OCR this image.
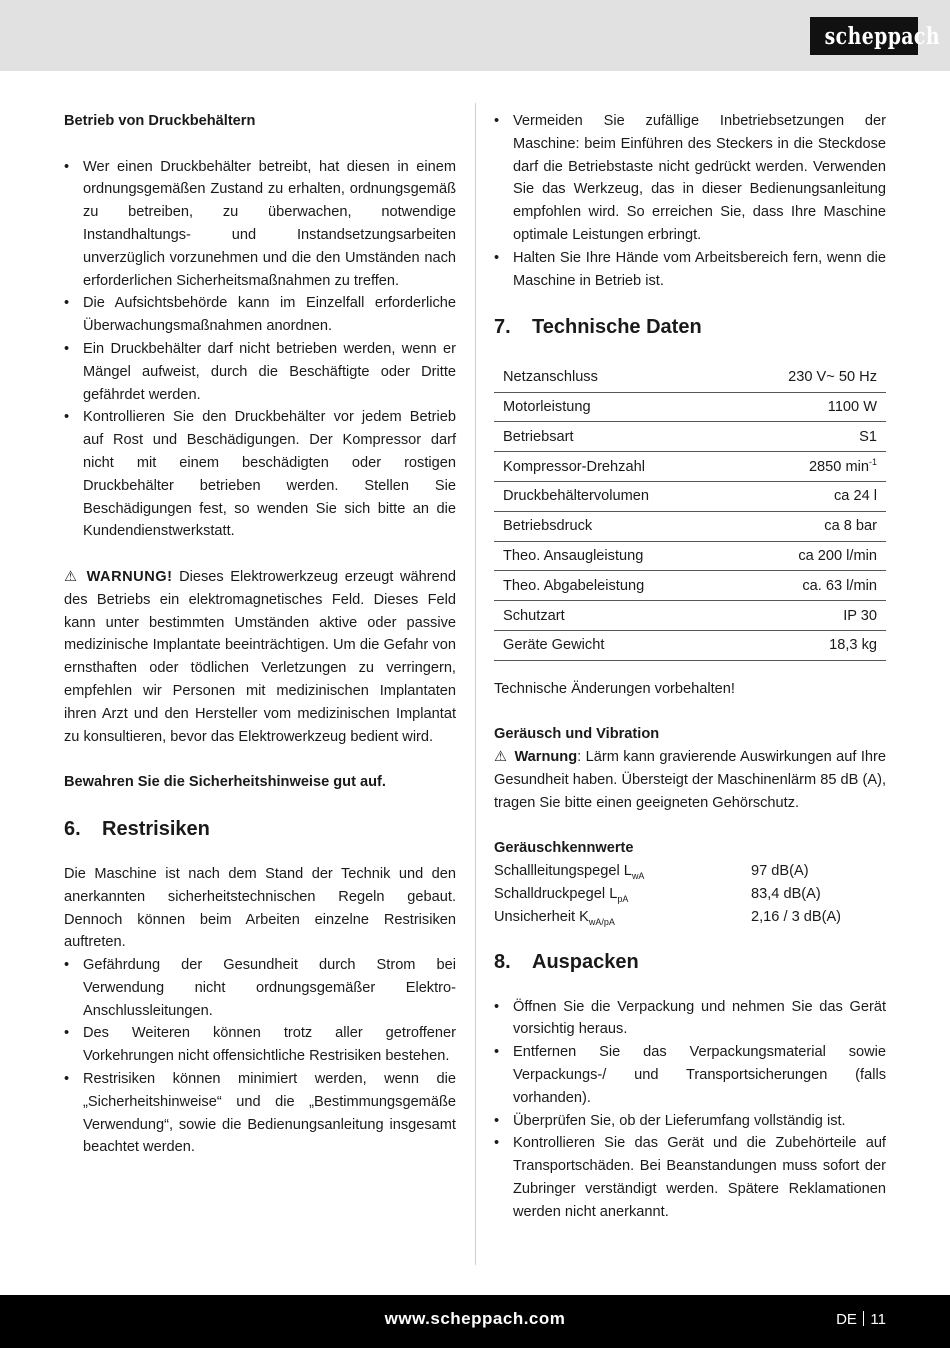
scheppach

Betrieb von Druckbehältern

• Wer einen Druckbehälter betreibt, hat diesen in einem ordnungsgemäßen Zustand zu erhalten, ordnungsgemäß zu betreiben, zu überwachen, notwendige Instandhaltungs- und Instandsetzungsarbeiten unverzüglich vorzunehmen und die den Umständen nach erforderlichen Sicherheitsmaßnahmen zu treffen.
• Die Aufsichtsbehörde kann im Einzelfall erforderliche Überwachungsmaßnahmen anordnen.
• Ein Druckbehälter darf nicht betrieben werden, wenn er Mängel aufweist, durch die Beschäftigte oder Dritte gefährdet werden.
• Kontrollieren Sie den Druckbehälter vor jedem Betrieb auf Rost und Beschädigungen. Der Kompressor darf nicht mit einem beschädigten oder rostigen Druckbehälter betrieben werden. Stellen Sie Beschädigungen fest, so wenden Sie sich bitte an die Kundendienstwerkstatt.

⚠ WARNUNG! Dieses Elektrowerkzeug erzeugt während des Betriebs ein elektromagnetisches Feld. Dieses Feld kann unter bestimmten Umständen aktive oder passive medizinische Implantate beeinträchtigen. Um die Gefahr von ernsthaften oder tödlichen Verletzungen zu verringern, empfehlen wir Personen mit medizinischen Implantaten ihren Arzt und den Hersteller vom medizinischen Implantat zu konsultieren, bevor das Elektrowerkzeug bedient wird.

Bewahren Sie die Sicherheitshinweise gut auf.

6.	Restrisiken

Die Maschine ist nach dem Stand der Technik und den anerkannten sicherheitstechnischen Regeln gebaut. Dennoch können beim Arbeiten einzelne Restrisiken auftreten.

• Gefährdung der Gesundheit durch Strom bei Verwendung nicht ordnungsgemäßer Elektro-Anschlussleitungen.
• Des Weiteren können trotz aller getroffener Vorkehrungen nicht offensichtliche Restrisiken bestehen.
• Restrisiken können minimiert werden, wenn die „Sicherheitshinweise“ und die „Bestimmungsgemäße Verwendung“, sowie die Bedienungsanleitung insgesamt beachtet werden.
• Vermeiden Sie zufällige Inbetriebsetzungen der Maschine: beim Einführen des Steckers in die Steckdose darf die Betriebstaste nicht gedrückt werden. Verwenden Sie das Werkzeug, das in dieser Bedienungsanleitung empfohlen wird. So erreichen Sie, dass Ihre Maschine optimale Leistungen erbringt.
• Halten Sie Ihre Hände vom Arbeitsbereich fern, wenn die Maschine in Betrieb ist.
7.	Technische Daten
Netzanschluss	230 V~ 50 Hz
Motorleistung	1100 W
Betriebsart	S1
Kompressor-Drehzahl	2850 $\min^{-1}$
Druckbehältervolumen	ca 24 l
Betriebsdruck	ca 8 bar
Theo. Ansaugleistung	ca 200 l/min
Theo. Abgabeleistung	ca. 63 l/min
Schutzart	IP 30
Geräte Gewicht	18,3 kg

Technische Änderungen vorbehalten!

Geräusch und Vibration

⚠ Warnung: Lärm kann gravierende Auswirkungen auf Ihre Gesundheit haben. Übersteigt der Maschinenlärm 85 dB (A), tragen Sie bitte einen geeigneten Gehörschutz.

Geräuschkennwerte

Schallleitungspegel $L_{wA}$	97 dB(A)
Schalldruckpegel $L_{pA}$	83,4 dB(A)
Unsicherheit $K_{wA/pA}$	2,16 / 3 dB(A)
8.	Auspacken
• Öffnen Sie die Verpackung und nehmen Sie das Gerät vorsichtig heraus.
• Entfernen Sie das Verpackungsmaterial sowie Verpackungs-/ und Transportsicherungen (falls vorhanden).
• Überprüfen Sie, ob der Lieferumfang vollständig ist.
• Kontrollieren Sie das Gerät und die Zubehörteile auf Transportschäden. Bei Beanstandungen muss sofort der Zubringer verständigt werden. Spätere Reklamationen werden nicht anerkannt.
www.scheppach.com	DE 11
